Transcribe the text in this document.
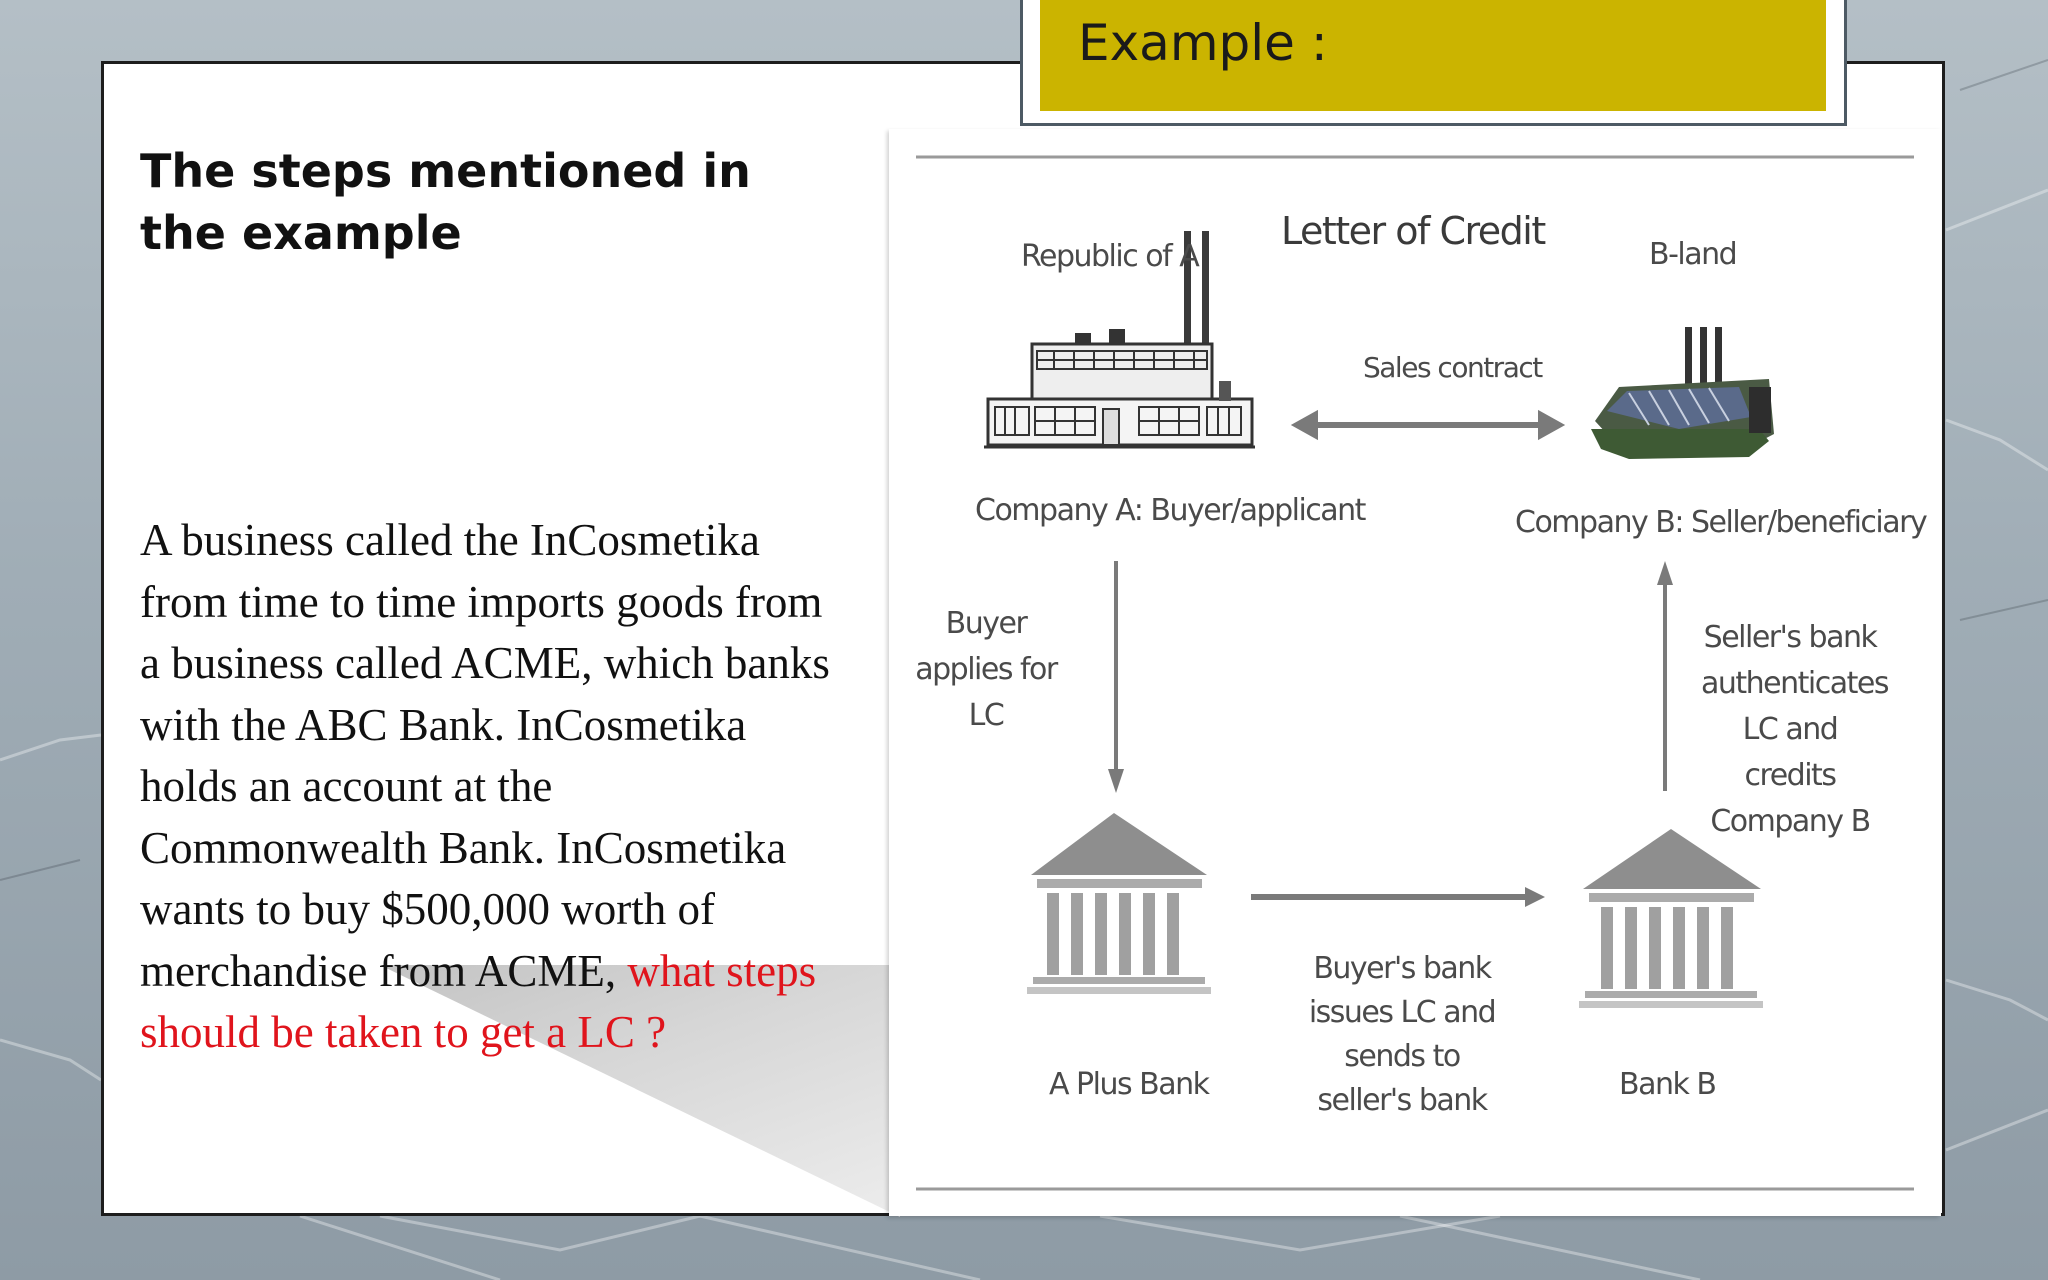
Example :
The steps mentioned in the example
A business called the InCosmetika from time to time imports goods from a business called ACME, which banks with the ABC Bank. InCosmetika holds an account at the Commonwealth Bank. InCosmetika wants to buy $500,000 worth of merchandise from ACME, what steps should be taken to get a LC ?
Letter of Credit
Republic of A	B-land
Sales contract
Company A: Buyer/applicant	Company B: Seller/beneficiary
Buyer applies for LC
Seller's bank authenticates LC and credits Company B
Buyer's bank issues LC and sends to seller's bank
A Plus Bank	Bank B
